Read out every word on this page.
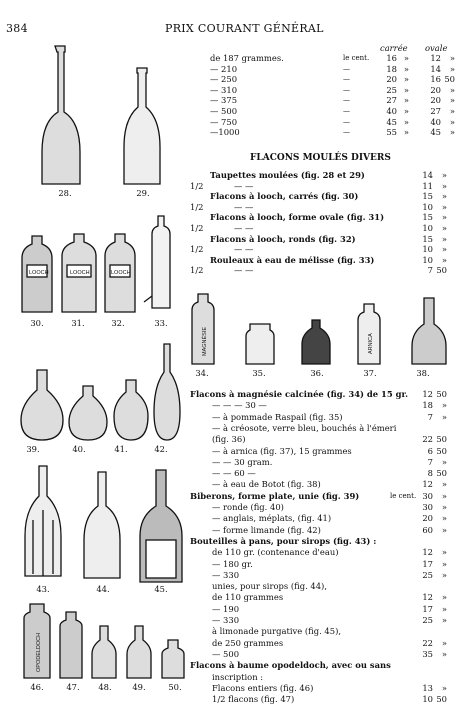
384	PRIX COURANT GÉNÉRAL
carrée ovale
de 187 grammes.	le cent. 16 »	12 »
— 210	—	18 »	14 »
— 250	—	20 »	16 50
— 310	—	25 »	20 »
— 375	—	27 »	20 »
— 500	—	40 »	27 »
— 750	—	45 »	40 »
—1000	—	55 »	45 »
FLACONS MOULÉS DIVERS
Taupettes moulées (fig. 28 et 29)	14 »
1/2	— —	11 »
Flacons à looch, carrés (fig. 30)	15 »
1/2	— —	10 »
Flacons à looch, forme ovale (fig. 31)	15 »
1/2	— —	10 »
Flacons à looch, ronds (fig. 32)	15 »
1/2	— —	10 »
Rouleaux à eau de mélisse (fig. 33)	10 »
1/2	— —	7 50
Flacons à magnésie calcinée (fig. 34) de 15 gr. 12 50
— — — 30 —	18 »
— à pommade Raspail (fig. 35)	7 »
— à créosote, verre bleu, bouchés à l'émeri
(fig. 36)	22 50
— à arnica (fig. 37), 15 grammes	6 50
— — 30 gram.	7 »
— — 60 —	8 50
— à eau de Botot (fig. 38)	12 »
Biberons, forme plate, unie (fig. 39)	le cent. 30 »
— ronde (fig. 40)	30 »
— anglais, méplats, (fig. 41)	20 »
— forme limande (fig. 42)	60 »
Bouteilles à pans, pour sirops (fig. 43) :
de 110 gr. (contenance d'eau)	12 »
— 180 gr.	17 »
— 330	25 »
unies, pour sirops (fig. 44),
de 110 grammes	12 »
— 190	17 »
— 330	25 »
à limonade purgative (fig. 45),
de 250 grammes	22 »
— 500	35 »
Flacons à baume opodeldoch, avec ou sans
inscription :
Flacons entiers (fig. 46)	13 »
1/2 flacons (fig. 47)	10 50
LOOCH	LOOCH	LOOCH
MAGNÉSIE	ARNICA
OPODELDOCH
28.	29.
30.	31.	32.	33.
34.	35.	36.	37.	38.
39.	40.	41.	42.
43.	44.	45.
46.	47.	48.	49.	50.
